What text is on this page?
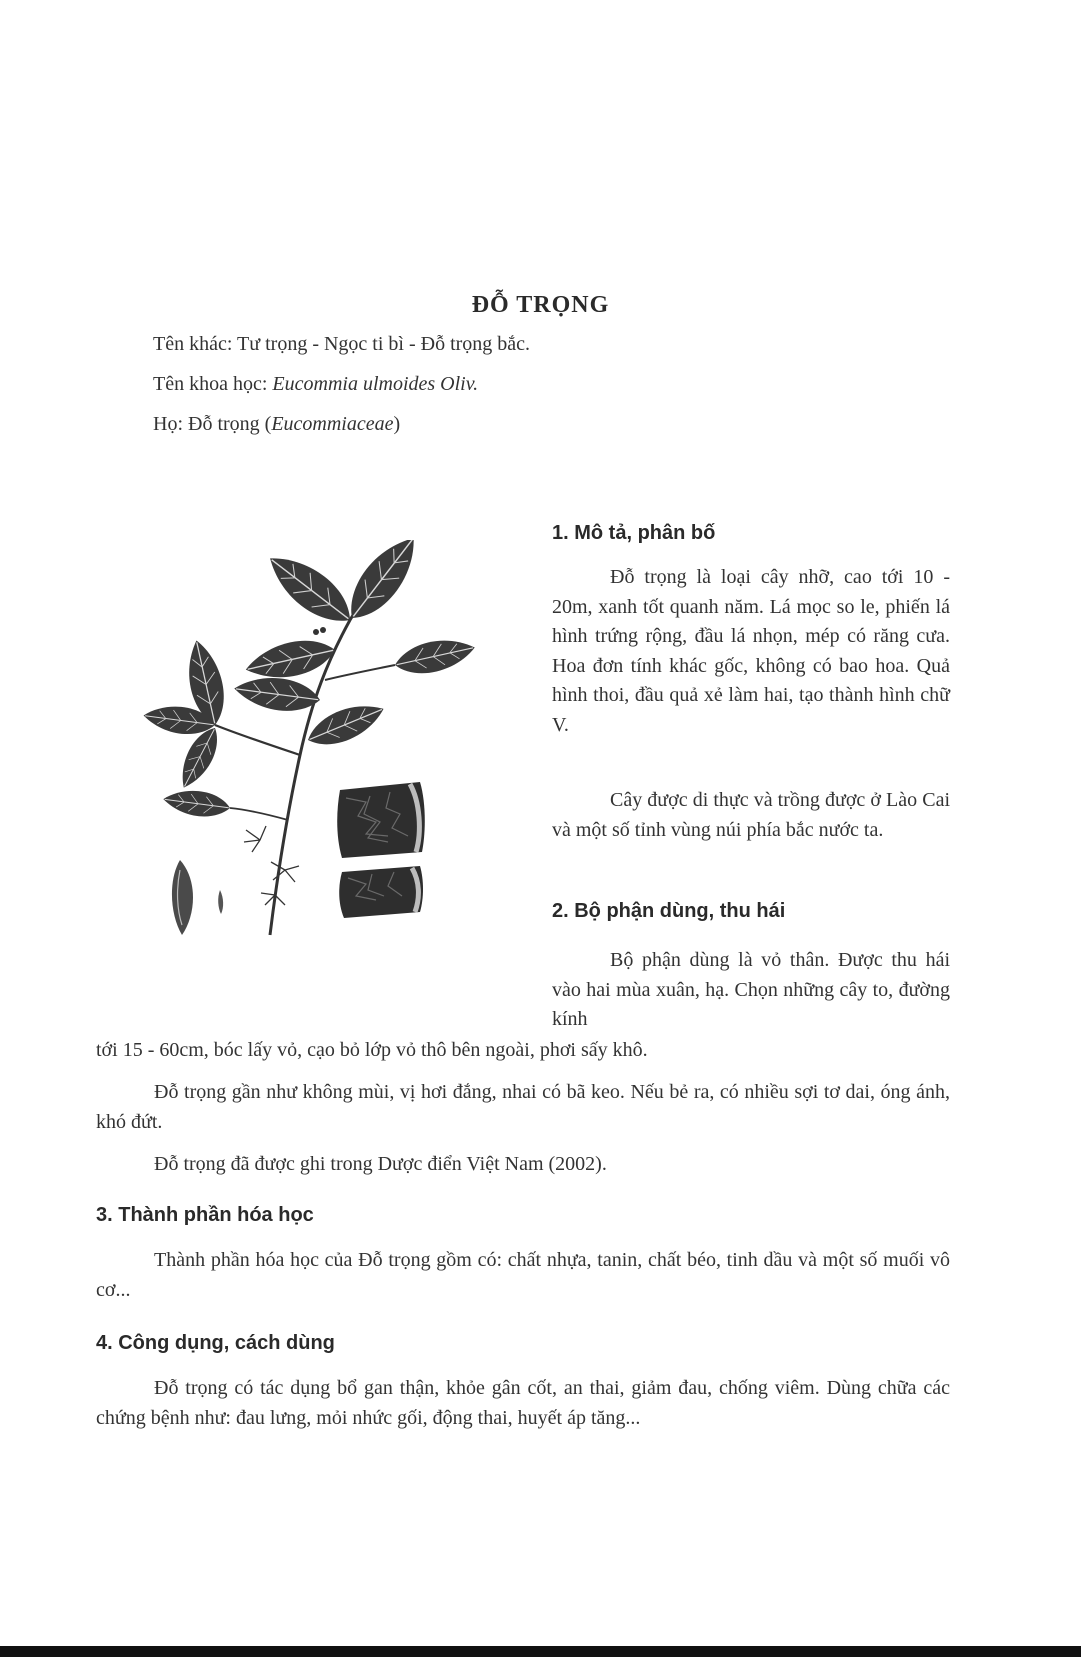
ĐỖ TRỌNG
Tên khác: Tư trọng - Ngọc ti bì - Đỗ trọng bắc.
Tên khoa học: Eucommia ulmoides Oliv.
Họ: Đỗ trọng (Eucommiaceae)
1. Mô tả, phân bố

Đỗ trọng là loại cây nhỡ, cao tới 10 - 20m, xanh tốt quanh năm. Lá mọc so le, phiến lá hình trứng rộng, đầu lá nhọn, mép có răng cưa. Hoa đơn tính khác gốc, không có bao hoa. Quả hình thoi, đầu quả xẻ làm hai, tạo thành hình chữ V.

Cây được di thực và trồng được ở Lào Cai và một số tỉnh vùng núi phía bắc nước ta.

2. Bộ phận dùng, thu hái

Bộ phận dùng là vỏ thân. Được thu hái vào hai mùa xuân, hạ. Chọn những cây to, đường kính

tới 15 - 60cm, bóc lấy vỏ, cạo bỏ lớp vỏ thô bên ngoài, phơi sấy khô.

Đỗ trọng gần như không mùi, vị hơi đắng, nhai có bã keo. Nếu bẻ ra, có nhiều sợi tơ dai, óng ánh, khó đứt.

Đỗ trọng đã được ghi trong Dược điển Việt Nam (2002).

3. Thành phần hóa học

Thành phần hóa học của Đỗ trọng gồm có: chất nhựa, tanin, chất béo, tinh dầu và một số muối vô cơ...

4. Công dụng, cách dùng

Đỗ trọng có tác dụng bổ gan thận, khỏe gân cốt, an thai, giảm đau, chống viêm. Dùng chữa các chứng bệnh như: đau lưng, mỏi nhức gối, động thai, huyết áp tăng...
